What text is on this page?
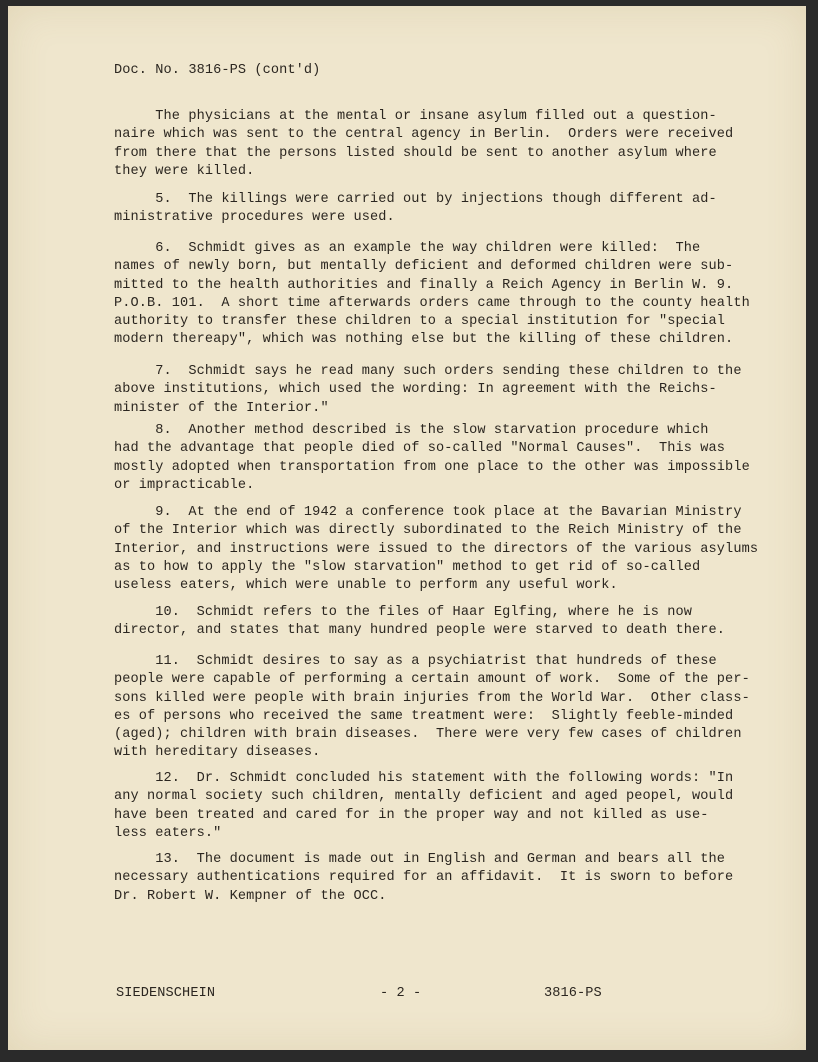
Doc. No. 3816-PS (cont'd)
The physicians at the mental or insane asylum filled out a question-
naire which was sent to the central agency in Berlin.  Orders were received
from there that the persons listed should be sent to another asylum where
they were killed.
5.  The killings were carried out by injections though different ad-
ministrative procedures were used.
6.  Schmidt gives as an example the way children were killed:  The
names of newly born, but mentally deficient and deformed children were sub-
mitted to the health authorities and finally a Reich Agency in Berlin W. 9.
P.O.B. 101.  A short time afterwards orders came through to the county health
authority to transfer these children to a special institution for "special
modern thereapy", which was nothing else but the killing of these children.
7.  Schmidt says he read many such orders sending these children to the
above institutions, which used the wording: In agreement with the Reichs-
minister of the Interior."
8.  Another method described is the slow starvation procedure which
had the advantage that people died of so-called "Normal Causes".  This was
mostly adopted when transportation from one place to the other was impossible
or impracticable.
9.  At the end of 1942 a conference took place at the Bavarian Ministry
of the Interior which was directly subordinated to the Reich Ministry of the
Interior, and instructions were issued to the directors of the various asylums
as to how to apply the "slow starvation" method to get rid of so-called
useless eaters, which were unable to perform any useful work.
10.  Schmidt refers to the files of Haar Eglfing, where he is now
director, and states that many hundred people were starved to death there.
11.  Schmidt desires to say as a psychiatrist that hundreds of these
people were capable of performing a certain amount of work.  Some of the per-
sons killed were people with brain injuries from the World War.  Other class-
es of persons who received the same treatment were:  Slightly feeble-minded
(aged); children with brain diseases.  There were very few cases of children
with hereditary diseases.
12.  Dr. Schmidt concluded his statement with the following words: "In
any normal society such children, mentally deficient and aged peopel, would
have been treated and cared for in the proper way and not killed as use-
less eaters."
13.  The document is made out in English and German and bears all the
necessary authentications required for an affidavit.  It is sworn to before
Dr. Robert W. Kempner of the OCC.
SIEDENSCHEIN	- 2 -	3816-PS
